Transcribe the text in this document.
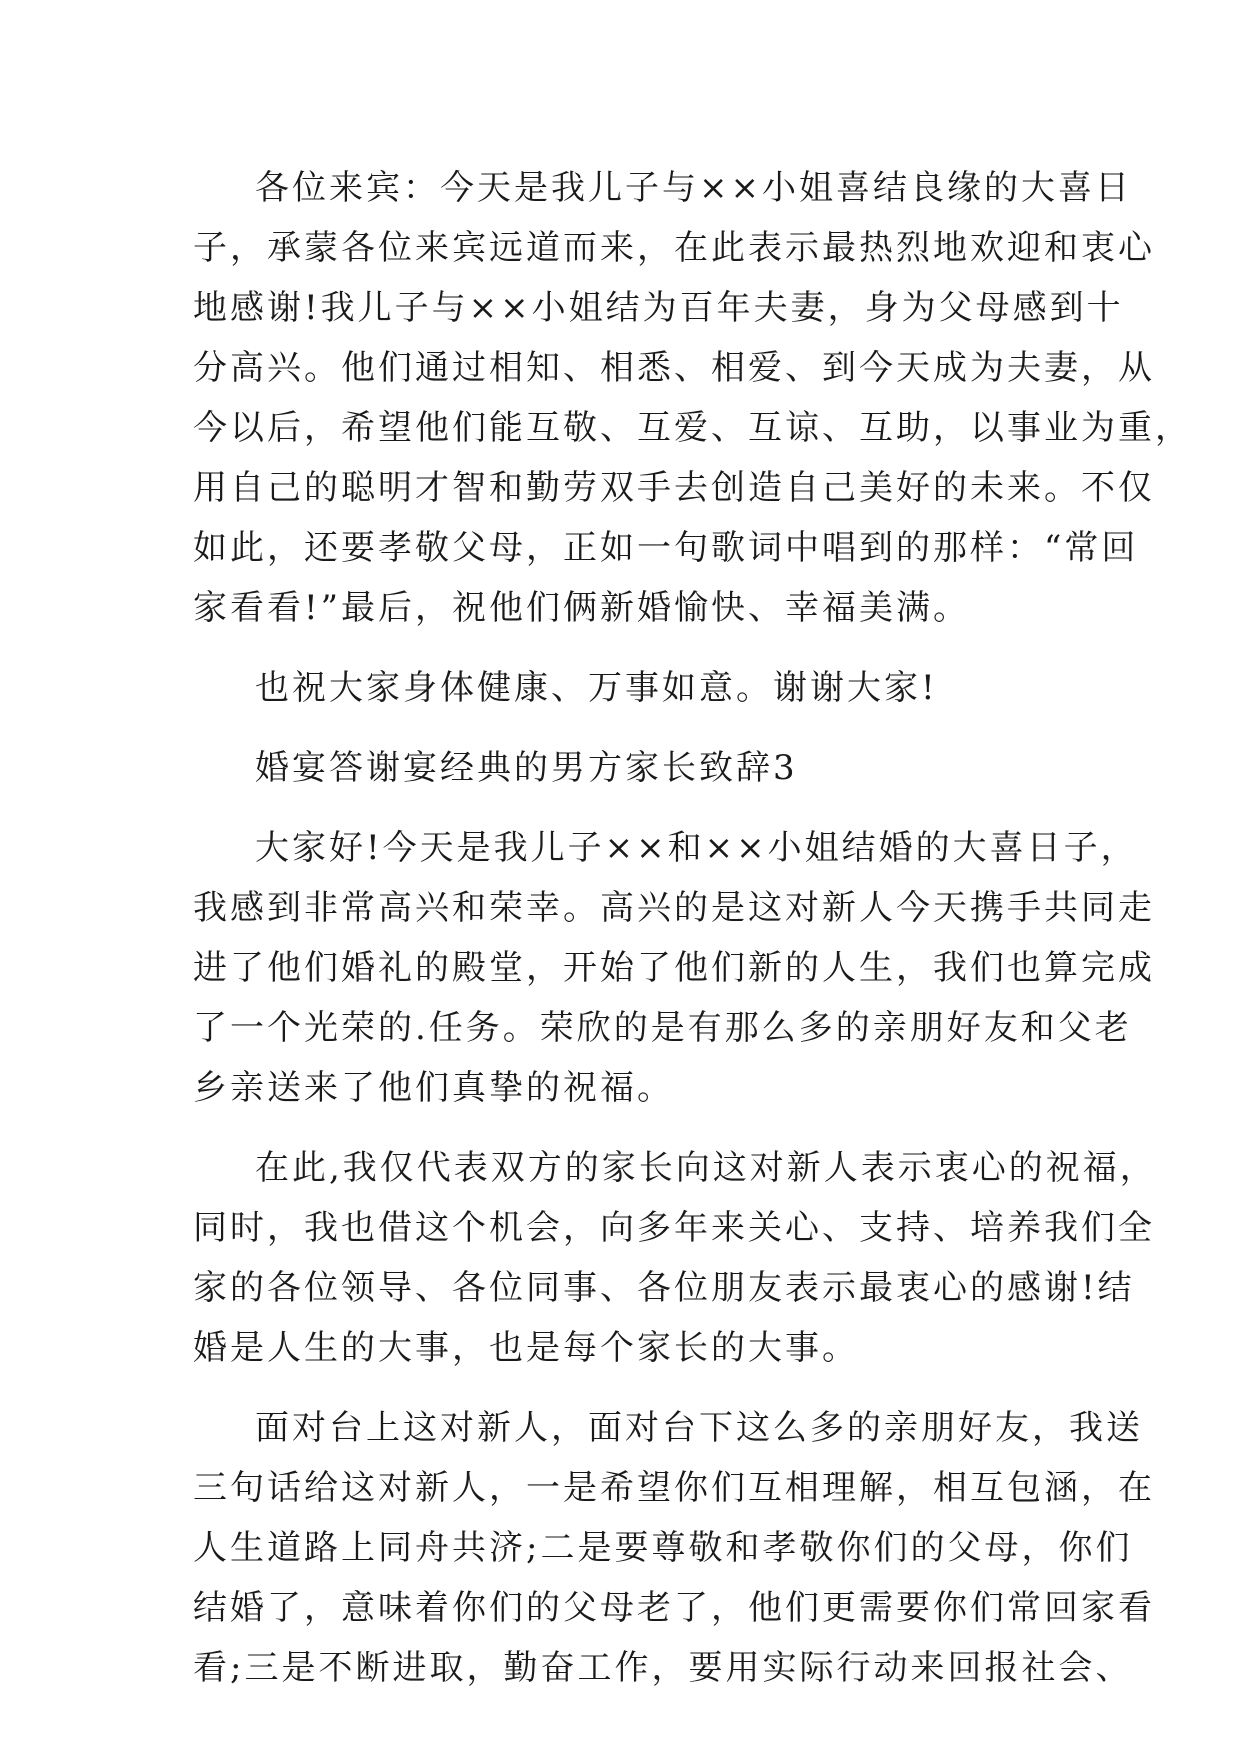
各位来宾：今天是我儿子与××小姐喜结良缘的大喜日
子，承蒙各位来宾远道而来，在此表示最热烈地欢迎和衷心
地感谢!我儿子与××小姐结为百年夫妻，身为父母感到十
分高兴。他们通过相知、相悉、相爱、到今天成为夫妻，从
今以后，希望他们能互敬、互爱、互谅、互助，以事业为重，
用自己的聪明才智和勤劳双手去创造自己美好的未来。不仅
如此，还要孝敬父母，正如一句歌词中唱到的那样：“常回
家看看!”最后，祝他们俩新婚愉快、幸福美满。
也祝大家身体健康、万事如意。谢谢大家!
婚宴答谢宴经典的男方家长致辞3
大家好!今天是我儿子××和××小姐结婚的大喜日子，
我感到非常高兴和荣幸。高兴的是这对新人今天携手共同走
进了他们婚礼的殿堂，开始了他们新的人生，我们也算完成
了一个光荣的.任务。荣欣的是有那么多的亲朋好友和父老
乡亲送来了他们真挚的祝福。
在此,我仅代表双方的家长向这对新人表示衷心的祝福，
同时，我也借这个机会，向多年来关心、支持、培养我们全
家的各位领导、各位同事、各位朋友表示最衷心的感谢!结
婚是人生的大事，也是每个家长的大事。
面对台上这对新人，面对台下这么多的亲朋好友，我送
三句话给这对新人，一是希望你们互相理解，相互包涵，在
人生道路上同舟共济;二是要尊敬和孝敬你们的父母，你们
结婚了，意味着你们的父母老了，他们更需要你们常回家看
看;三是不断进取，勤奋工作，要用实际行动来回报社会、
